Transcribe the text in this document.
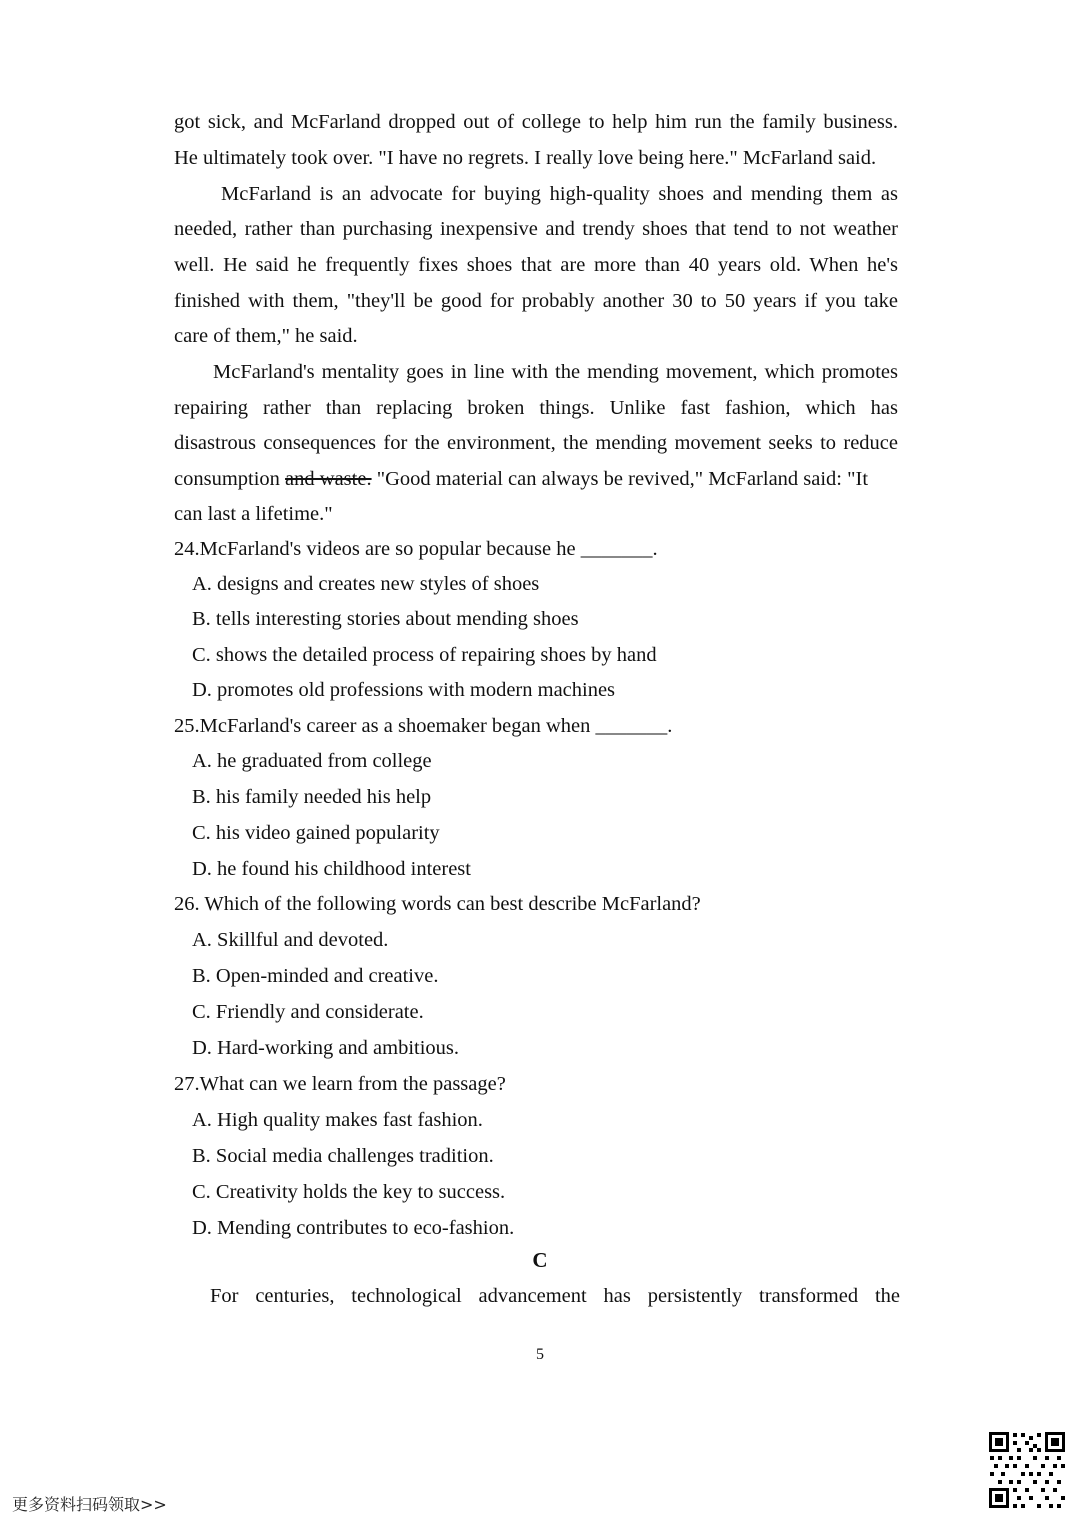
got sick, and McFarland dropped out of college to help him run the family business.
He ultimately took over. "I have no regrets. I really love being here." McFarland said.
McFarland is an advocate for buying high-quality shoes and mending them as
needed, rather than purchasing inexpensive and trendy shoes that tend to not weather
well. He said he frequently fixes shoes that are more than 40 years old. When he's
finished with them, "they'll be good for probably another 30 to 50 years if you take
care of them," he said.
McFarland's mentality goes in line with the mending movement, which promotes
repairing rather than replacing broken things. Unlike fast fashion, which has
disastrous consequences for the environment, the mending movement seeks to reduce
consumption and waste. "Good material can always be revived," McFarland said: "It
can last a lifetime."
24.McFarland's videos are so popular because he _______.
A. designs and creates new styles of shoes
B. tells interesting stories about mending shoes
C. shows the detailed process of repairing shoes by hand
D. promotes old professions with modern machines
25.McFarland's career as a shoemaker began when _______.
A. he graduated from college
B. his family needed his help
C. his video gained popularity
D. he found his childhood interest
26. Which of the following words can best describe McFarland?
A. Skillful and devoted.
B. Open-minded and creative.
C. Friendly and considerate.
D. Hard-working and ambitious.
27.What can we learn from the passage?
A. High quality makes fast fashion.
B. Social media challenges tradition.
C. Creativity holds the key to success.
D. Mending contributes to eco-fashion.
C
For centuries, technological advancement has persistently transformed the
5
更多资料扫码领取>>
